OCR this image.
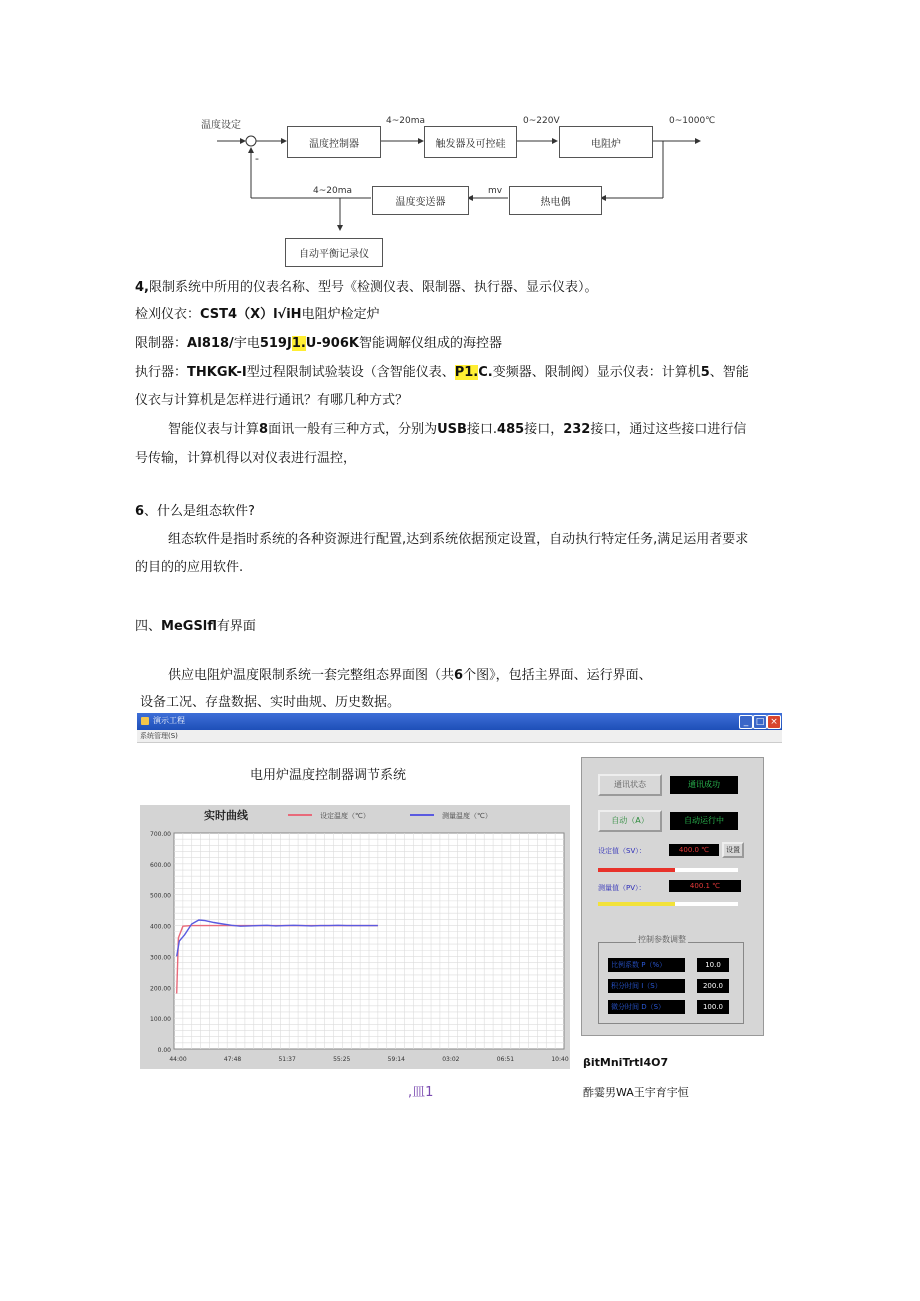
温度设定
-
温度控制器	触发器及可控硅	电阻炉
温度变送器	热电偶
自动平衡记录仪
4~20ma	0~220V	0~1000℃
4~20ma	mv
4,限制系统中所用的仪表名称、型号《检测仪表、限制器、执行器、显示仪表）。
检刈仪衣：CST4（X）l√iH电阻炉检定炉
限制器：AI818/宇电519J1.U-906K智能调解仪组成的海控器
执行器：THKGK-I型过程限制试验装设（含智能仪表、P1.C.变频器、限制阀）显示仪表：计算机5、智能
仪衣与计算机是怎样进行通讯？有哪几种方式？
智能仪表与计算8面讯一般有三种方式，分别为USB接口.485接口，232接口，通过这些接口进行信
号传输，计算机得以对仪表进行温控，
6、什么是组态软件?
组态软件是指时系统的各种资源进行配置,达到系统依据预定设置，自动执行特定任务,满足运用者要求
的目的的应用软件.
四、MeGSlfl有界面
供应电阻炉温度限制系统一套完整组态界面图（共6个图》，包括主界面、运行界面、
设备工况、存盘数据、实时曲规、历史数据。
演示工程	_ □ ×
系统管理(S)
电用炉温度控制器调节系统
0.00
100.00
200.00
300.00
400.00
500.00
600.00
700.00
44:00	47:48	51:37	55:25	59:14	03:02	06:51	10:40
实时曲线	设定温度（℃）	测量温度（℃）
通讯状态	通讯成功
自动（A）	自动运行中
设定值（SV）：	400.0 ℃	设置
测量值（PV）：	400.1 ℃
控制参数调整
比例系数 P（%）	10.0
积分时间 I（S）	200.0
微分时间 D（S）	100.0
,皿1
βitMniTrtI4O7
酢霎男WA王宇育宇恒
